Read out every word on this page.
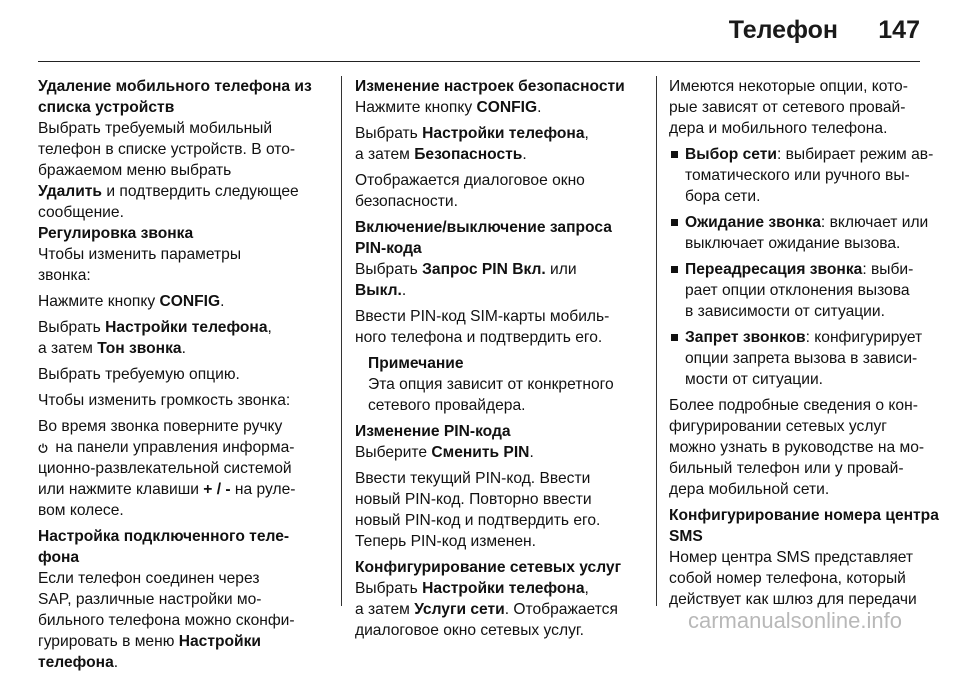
Телефон 147
Удаление мобильного телефона из
списка устройств
Выбрать требуемый мобильный
телефон в списке устройств. В ото-
бражаемом меню выбрать
Удалить и подтвердить следующее
сообщение.
Регулировка звонка
Чтобы изменить параметры
звонка:
Нажмите кнопку CONFIG.
Выбрать Настройки телефона,
а затем Тон звонка.
Выбрать требуемую опцию.
Чтобы изменить громкость звонка:
Во время звонка поверните ручку
на панели управления информа-
ционно-развлекательной системой
или нажмите клавиши + / - на руле-
вом колесе.
Настройка подключенного теле-
фона
Если телефон соединен через
SAP, различные настройки мо-
бильного телефона можно сконфи-
гурировать в меню Настройки
телефона.
Изменение настроек безопасности
Нажмите кнопку CONFIG.
Выбрать Настройки телефона,
а затем Безопасность.
Отображается диалоговое окно
безопасности.
Включение/выключение запроса
PIN-кода
Выбрать Запрос PIN Вкл. или
Выкл..
Ввести PIN-код SIM-карты мобиль-
ного телефона и подтвердить его.
Примечание
Эта опция зависит от конкретного
сетевого провайдера.
Изменение PIN-кода
Выберите Сменить PIN.
Ввести текущий PIN-код. Ввести
новый PIN-код. Повторно ввести
новый PIN-код и подтвердить его.
Теперь PIN-код изменен.
Конфигурирование сетевых услуг
Выбрать Настройки телефона,
а затем Услуги сети. Отображается
диалоговое окно сетевых услуг.
Имеются некоторые опции, кото-
рые зависят от сетевого провай-
дера и мобильного телефона.
Выбор сети: выбирает режим ав-
томатического или ручного вы-
бора сети.
Ожидание звонка: включает или
выключает ожидание вызова.
Переадресация звонка: выби-
рает опции отклонения вызова
в зависимости от ситуации.
Запрет звонков: конфигурирует
опции запрета вызова в зависи-
мости от ситуации.
Более подробные сведения о кон-
фигурировании сетевых услуг
можно узнать в руководстве на мо-
бильный телефон или у провай-
дера мобильной сети.
Конфигурирование номера центра
SMS
Номер центра SMS представляет
собой номер телефона, который
действует как шлюз для передачи
carmanualsonline.info
